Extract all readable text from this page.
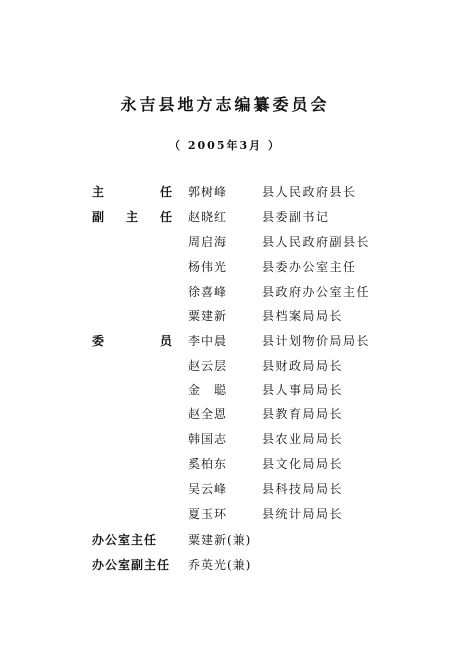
永吉县地方志编纂委员会
（ 2005年3月 ）
主　任 郭树峰	县人民政府县长
副主任 赵晓红	县委副书记
周启海	县人民政府副县长
杨伟光	县委办公室主任
徐喜峰	县政府办公室主任
粟建新	县档案局局长
委　员 李中晨	县计划物价局局长
赵云层	县财政局局长
金　聪	县人事局局长
赵全恩	县教育局局长
韩国志	县农业局局长
奚柏东	县文化局局长
吴云峰	县科技局局长
夏玉环	县统计局局长
办公室主任	粟建新(兼)
办公室副主任	乔英光(兼)
